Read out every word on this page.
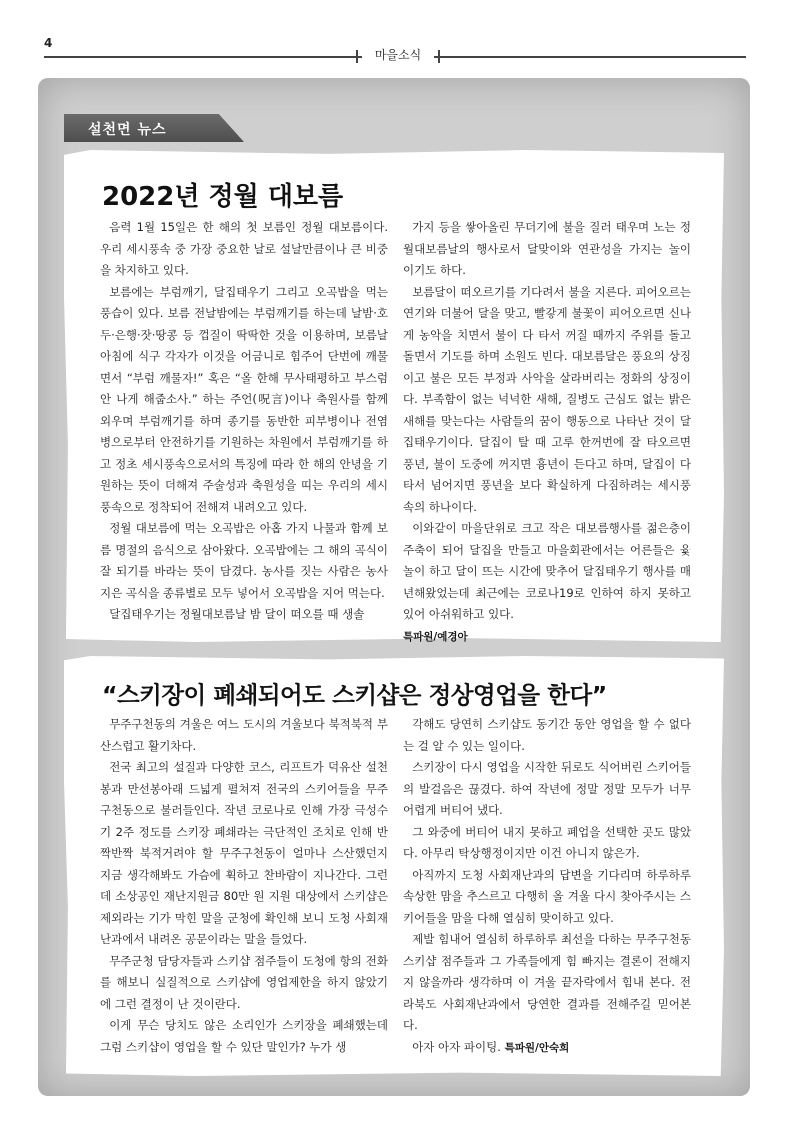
4
마을소식
설천면 뉴스
2022년 정월 대보름

음력 1월 15일은 한 해의 첫 보름인 정월 대보름이다. 우리 세시풍속 중 가장 중요한 날로 설날만큼이나 큰 비중을 차지하고 있다.

보름에는 부럼깨기, 달집태우기 그리고 오곡밥을 먹는 풍습이 있다. 보름 전날밤에는 부럼깨기를 하는데 날밤·호두·은행·잣·땅콩 등 껍질이 딱딱한 것을 이용하며, 보름날 아침에 식구 각자가 이것을 어금니로 힘주어 단번에 깨물면서 “부럼 깨물자!” 혹은 “올 한해 무사태평하고 부스럼 안 나게 해줍소사.” 하는 주언(呪言)이나 축원사를 함께 외우며 부럼깨기를 하며 종기를 동반한 피부병이나 전염병으로부터 안전하기를 기원하는 차원에서 부럼깨기를 하고 정초 세시풍속으로서의 특징에 따라 한 해의 안녕을 기원하는 뜻이 더해져 주술성과 축원성을 띠는 우리의 세시풍속으로 정착되어 전해져 내려오고 있다.

정월 대보름에 먹는 오곡밥은 아홉 가지 나물과 함께 보름 명절의 음식으로 삼아왔다. 오곡밥에는 그 해의 곡식이 잘 되기를 바라는 뜻이 담겼다. 농사를 짓는 사람은 농사지은 곡식을 종류별로 모두 넣어서 오곡밥을 지어 먹는다.

달집태우기는 정월대보름날 밤 달이 떠오를 때 생솔

가지 등을 쌓아올린 무더기에 불을 질러 태우며 노는 정월대보름날의 행사로서 달맞이와 연관성을 가지는 놀이 이기도 하다.

보름달이 떠오르기를 기다려서 불을 지른다. 피어오르는 연기와 더불어 달을 맞고, 빨갛게 불꽃이 피어오르면 신나게 농악을 치면서 불이 다 타서 꺼질 때까지 주위를 돌고 돌면서 기도를 하며 소원도 빈다. 대보름달은 풍요의 상징이고 불은 모든 부정과 사악을 살라버리는 정화의 상징이다. 부족함이 없는 넉넉한 새해, 질병도 근심도 없는 밝은 새해를 맞는다는 사람들의 꿈이 행동으로 나타난 것이 달집태우기이다. 달집이 탈 때 고루 한꺼번에 잘 타오르면 풍년, 불이 도중에 꺼지면 흉년이 든다고 하며, 달집이 다 타서 넘어지면 풍년을 보다 확실하게 다짐하려는 세시풍속의 하나이다.

이와같이 마을단위로 크고 작은 대보름행사를 젊은층이 주축이 되어 달집을 만들고 마을회관에서는 어른들은 윷놀이 하고 달이 뜨는 시간에 맞추어 달집태우기 행사를 매년해왔었는데 최근에는 코로나19로 인하여 하지 못하고 있어 아쉬워하고 있다.

특파원/예경아

“스키장이 폐쇄되어도 스키샵은 정상영업을 한다”

무주구천동의 겨울은 여느 도시의 겨울보다 북적북적 부산스럽고 활기차다.

전국 최고의 설질과 다양한 코스, 리프트가 덕유산 설천봉과 만선봉아래 드넓게 펼쳐져 전국의 스키어들을 무주구천동으로 불러들인다. 작년 코로나로 인해 가장 극성수기 2주 정도를 스키장 폐쇄라는 극단적인 조치로 인해 반짝반짝 북적거려야 할 무주구천동이 얼마나 스산했던지 지금 생각해봐도 가슴에 휙하고 찬바람이 지나간다. 그런데 소상공인 재난지원금 80만 원 지원 대상에서 스키샵은 제외라는 기가 막힌 말을 군청에 확인해 보니 도청 사회재난과에서 내려온 공문이라는 말을 들었다.

무주군청 담당자들과 스키샵 점주들이 도청에 항의 전화를 해보니 실질적으로 스키샵에 영업제한을 하지 않았기에 그런 결정이 난 것이란다.

이게 무슨 당치도 않은 소리인가 스키장을 폐쇄했는데 그럼 스키샵이 영업을 할 수 있단 말인가? 누가 생

각해도 당연히 스키샵도 동기간 동안 영업을 할 수 없다는 걸 알 수 있는 일이다.

스키장이 다시 영업을 시작한 뒤로도 식어버린 스키어들의 발걸음은 끊겼다. 하여 작년에 정말 정말 모두가 너무 어렵게 버티어 냈다.

그 와중에 버티어 내지 못하고 폐업을 선택한 곳도 많았다. 아무리 탁상행정이지만 이건 아니지 않은가.

아직까지 도청 사회재난과의 답변을 기다리며 하루하루 속상한 맘을 추스르고 다행히 올 겨울 다시 찾아주시는 스키어들을 맘을 다해 열심히 맞이하고 있다.

제발 힘내어 열심히 하루하루 최선을 다하는 무주구천동 스키샵 점주들과 그 가족들에게 힘 빠지는 결론이 전해지지 않을까라 생각하며 이 겨울 끝자락에서 힘내 본다. 전라북도 사회재난과에서 당연한 결과를 전해주길 믿어본다.

아자 아자 파이팅. 특파원/안숙희
